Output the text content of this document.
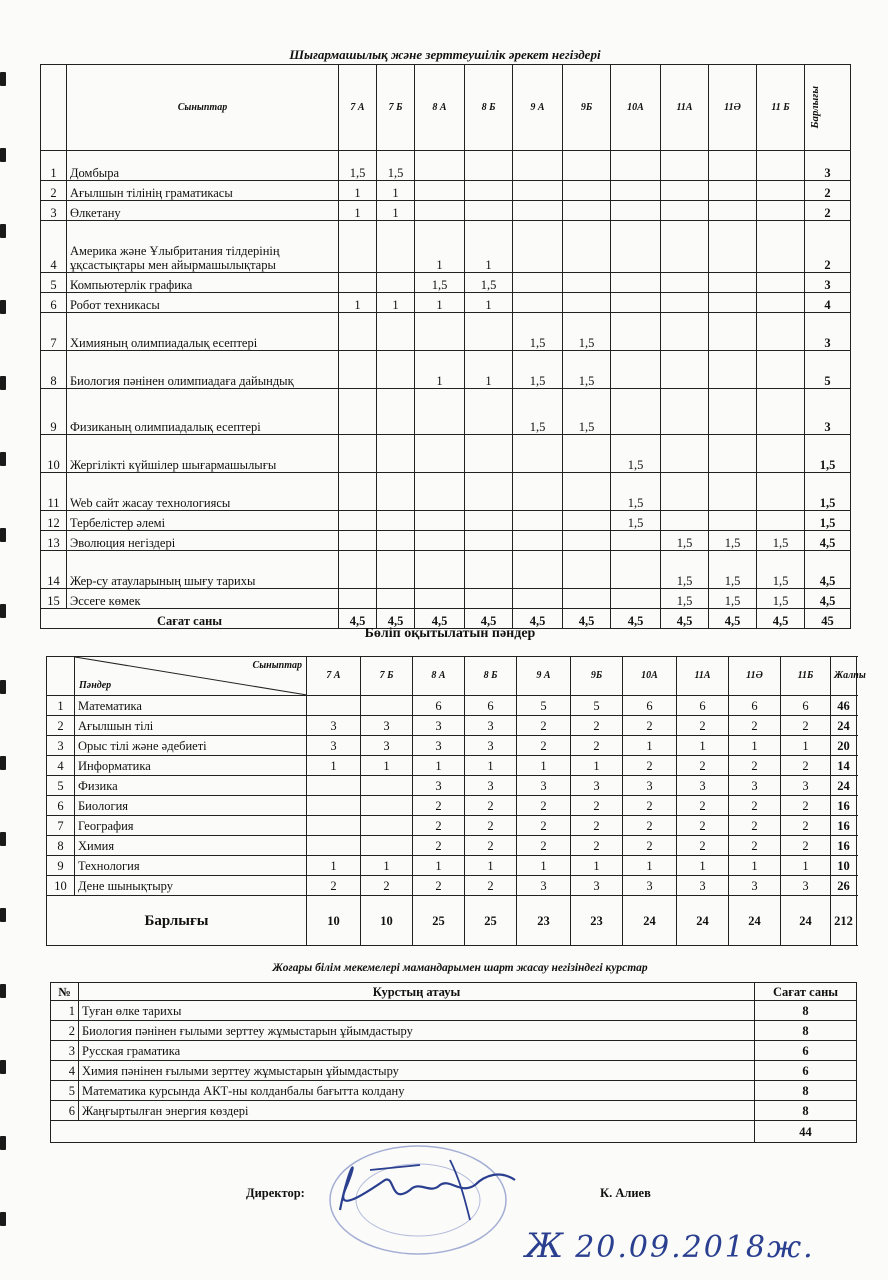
Шығармашылық және зерттеушілік әрекет негіздері
	Сыныптар	7 А	7 Б	8 А	8 Б	9 А	9Б	10А	11А	11Ә	11 Б	Барлығы

1	Домбыра	1,5	1,5									3
2	Ағылшын тілінің граматикасы	1	1									2
3	Өлкетану	1	1									2
4	Америка және Ұлыбритания тілдерінің ұқсастықтары мен айырмашылықтары			1	1							2
5	Компьютерлік графика			1,5	1,5							3
6	Робот техникасы	1	1	1	1							4
7	Химияның олимпиадалық есептері					1,5	1,5					3
8	Биология пәнінен олимпиадаға дайындық			1	1	1,5	1,5					5
9	Физиканың олимпиадалық есептері					1,5	1,5					3
10	Жергілікті күйшілер шығармашылығы							1,5				1,5
11	Web сайт жасау технологиясы							1,5				1,5
12	Тербелістер әлемі							1,5				1,5
13	Эволюция негіздері								1,5	1,5	1,5	4,5
14	Жер-су атауларының шығу тарихы								1,5	1,5	1,5	4,5
15	Эссеге көмек								1,5	1,5	1,5	4,5
Сағат саны		4,5	4,5	4,5	4,5	4,5	4,5	4,5	4,5	4,5	4,5	45
Бөліп оқытылатын пәндер

	Сыныптар
Пәндер	7 А	7 Б	8 А	8 Б	9 А	9Б	10А	11А	11Ә	11Б	Жалпы
1	Математика			6	6	5	5	6	6	6	6	46
2	Ағылшын тілі	3	3	3	3	2	2	2	2	2	2	24
3	Орыс тілі және әдебиеті	3	3	3	3	2	2	1	1	1	1	20
4	Информатика	1	1	1	1	1	1	2	2	2	2	14
5	Физика			3	3	3	3	3	3	3	3	24
6	Биология			2	2	2	2	2	2	2	2	16
7	География			2	2	2	2	2	2	2	2	16
8	Химия			2	2	2	2	2	2	2	2	16
9	Технология	1	1	1	1	1	1	1	1	1	1	10
10	Дене шынықтыру	2	2	2	2	3	3	3	3	3	3	26
Барлығы		10	10	25	25	23	23	24	24	24	24	212
Жоғары білім мекемелері мамандарымен шарт жасау негізіндегі курстар
№	Курстың атауы	Сағат саны
1	Туған өлке тарихы	8
2	Биология пәнінен ғылыми зерттеу жұмыстарын ұйымдастыру	8
3	Русская граматика	6
4	Химия пәнінен ғылыми зерттеу жұмыстарын ұйымдастыру	6
5	Математика курсында АКТ-ны колданбалы бағытта колдану	8
6	Жаңғыртылған энергия көздері	8
		44
Директор:	К. Алиев
Ж 20.09.2018ж.
